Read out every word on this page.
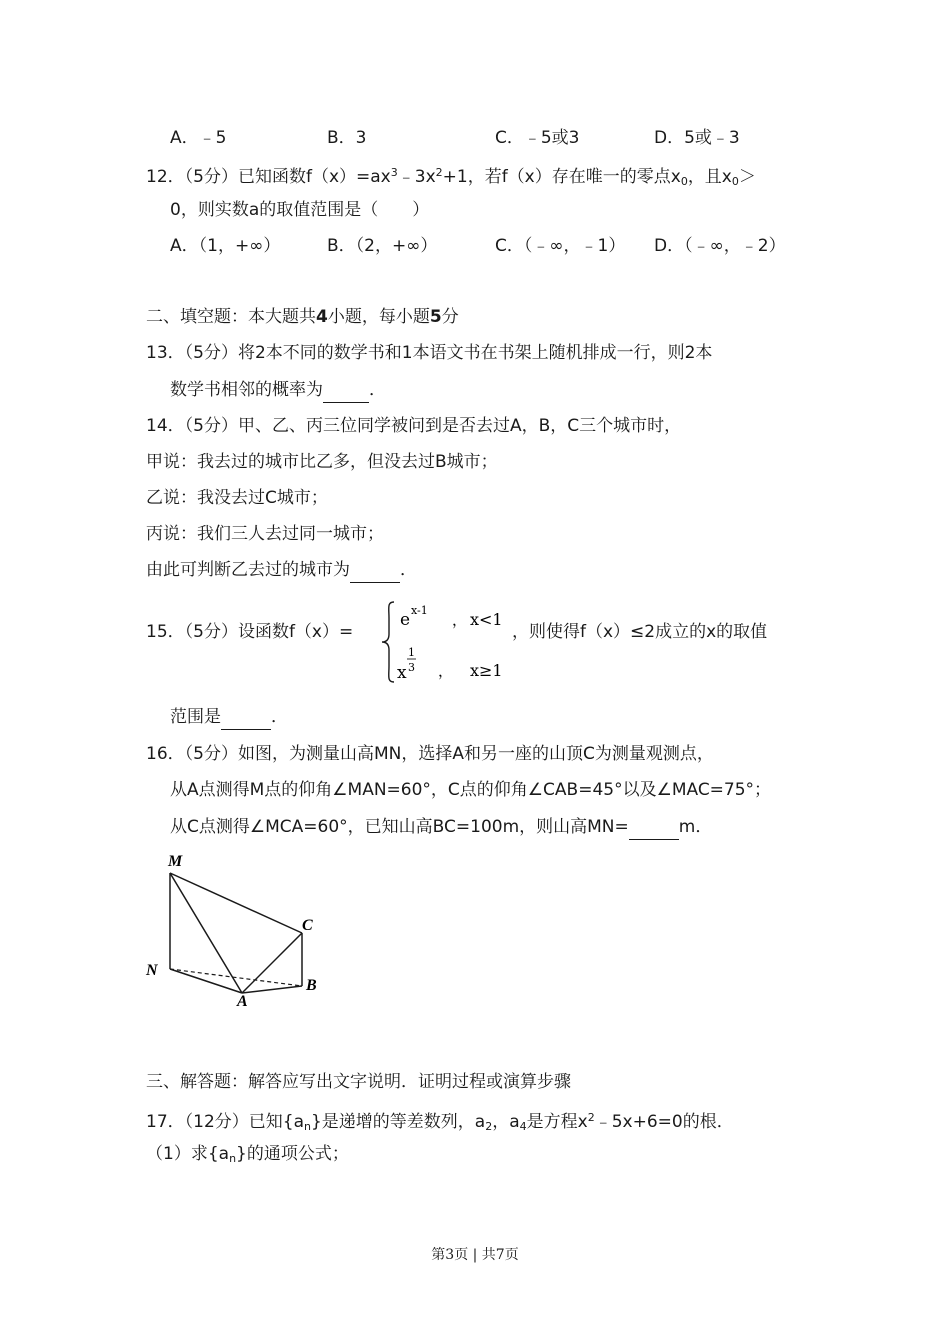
A．﹣5	B．3	C．﹣5或3	D．5或﹣3
12．（5分）已知函数$f(x)=ax^3﹣3x^2+1$，若f（x）存在唯一的零点$x_0$，且$x_0>$
0，则实数a的取值范围是（　　）
A．（1，+∞）	B．（2，+∞）	C．（﹣∞，﹣1） D．（﹣∞，﹣2）
二、填空题：本大题共4小题，每小题5分
13．（5分）将2本不同的数学书和1本语文书在书架上随机排成一行，则2本
数学书相邻的概率为	．
14．（5分）甲、乙、丙三位同学被问到是否去过A，B，C三个城市时，
甲说：我去过的城市比乙多，但没去过B城市；
乙说：我没去过C城市；
丙说：我们三人去过同一城市；
由此可判断乙去过的城市为	．
15．（5分）设函数f（x）=
e x-1
， x<1
1
3
x ， x≥1
，则使得f（x）≤2成立的x的取值
范围是	．
16．（5分）如图，为测量山高MN，选择A和另一座的山顶C为测量观测点，
从A点测得M点的仰角∠MAN=60°，C点的仰角∠CAB=45°以及∠MAC=75°；
从C点测得∠MCA=60°，已知山高BC=100m，则山高MN=	m．
M
N
A
B
C
三、解答题：解答应写出文字说明．证明过程或演算步骤
17．（12分）已知$\{a_n\}$是递增的等差数列，$a_2$，$a_4$是方程$x^2﹣5x+6=0$的根．
（1）求$\{a_n\}$的通项公式；
第3页 | 共7页
